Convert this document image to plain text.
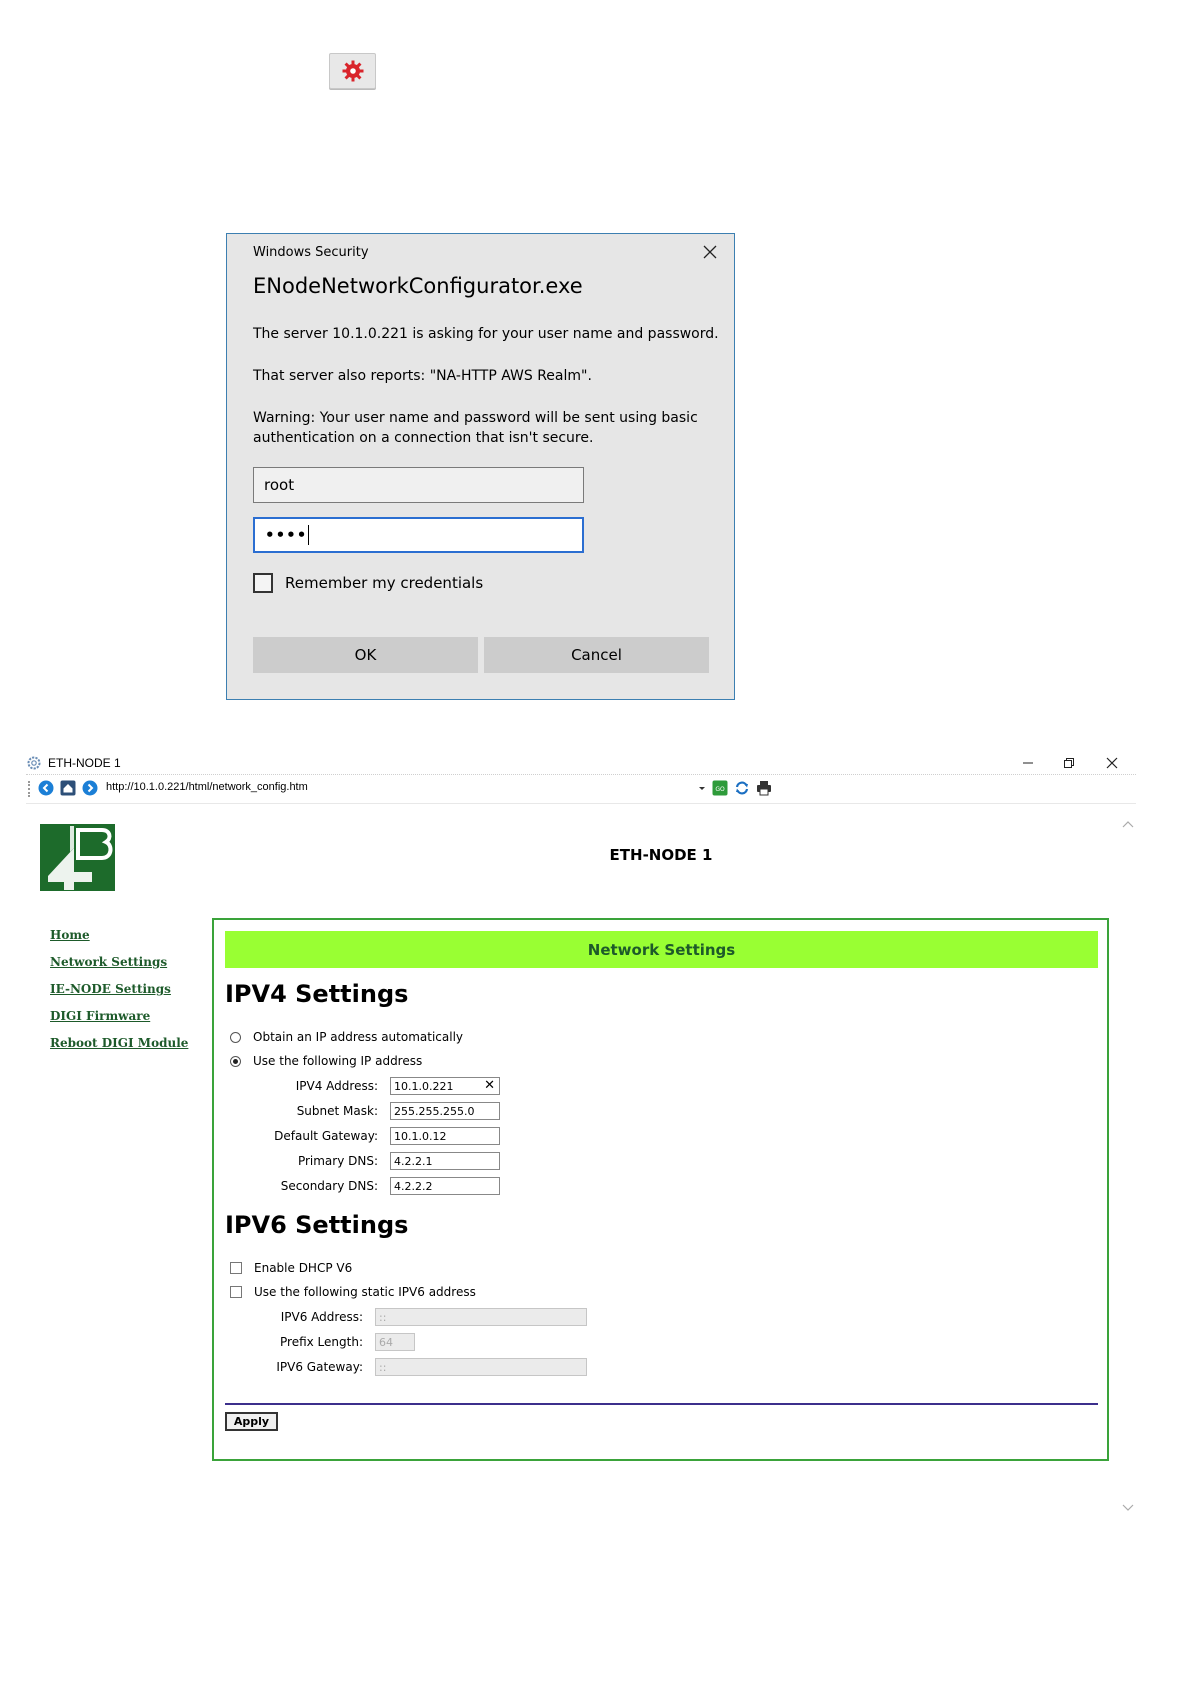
Windows Security
ENodeNetworkConfigurator.exe
The server 10.1.0.221 is asking for your user name and password.
That server also reports: "NA-HTTP AWS Realm".
Warning: Your user name and password will be sent using basic
authentication on a connection that isn't secure.
root
••••
Remember my credentials
OK	Cancel
ETH-NODE 1
http://10.1.0.221/html/network_config.htm	GO
ETH-NODE 1
Home
Network Settings
IE-NODE Settings
DIGI Firmware
Reboot DIGI Module
Network Settings
IPV4 Settings
Obtain an IP address automatically
Use the following IP address
IPV4 Address: 10.1.0.221 ✕
Subnet Mask: 255.255.255.0
Default Gateway: 10.1.0.12
Primary DNS: 4.2.2.1
Secondary DNS: 4.2.2.2
IPV6 Settings
Enable DHCP V6
Use the following static IPV6 address
IPV6 Address: ::
Prefix Length: 64
IPV6 Gateway: ::
Apply
